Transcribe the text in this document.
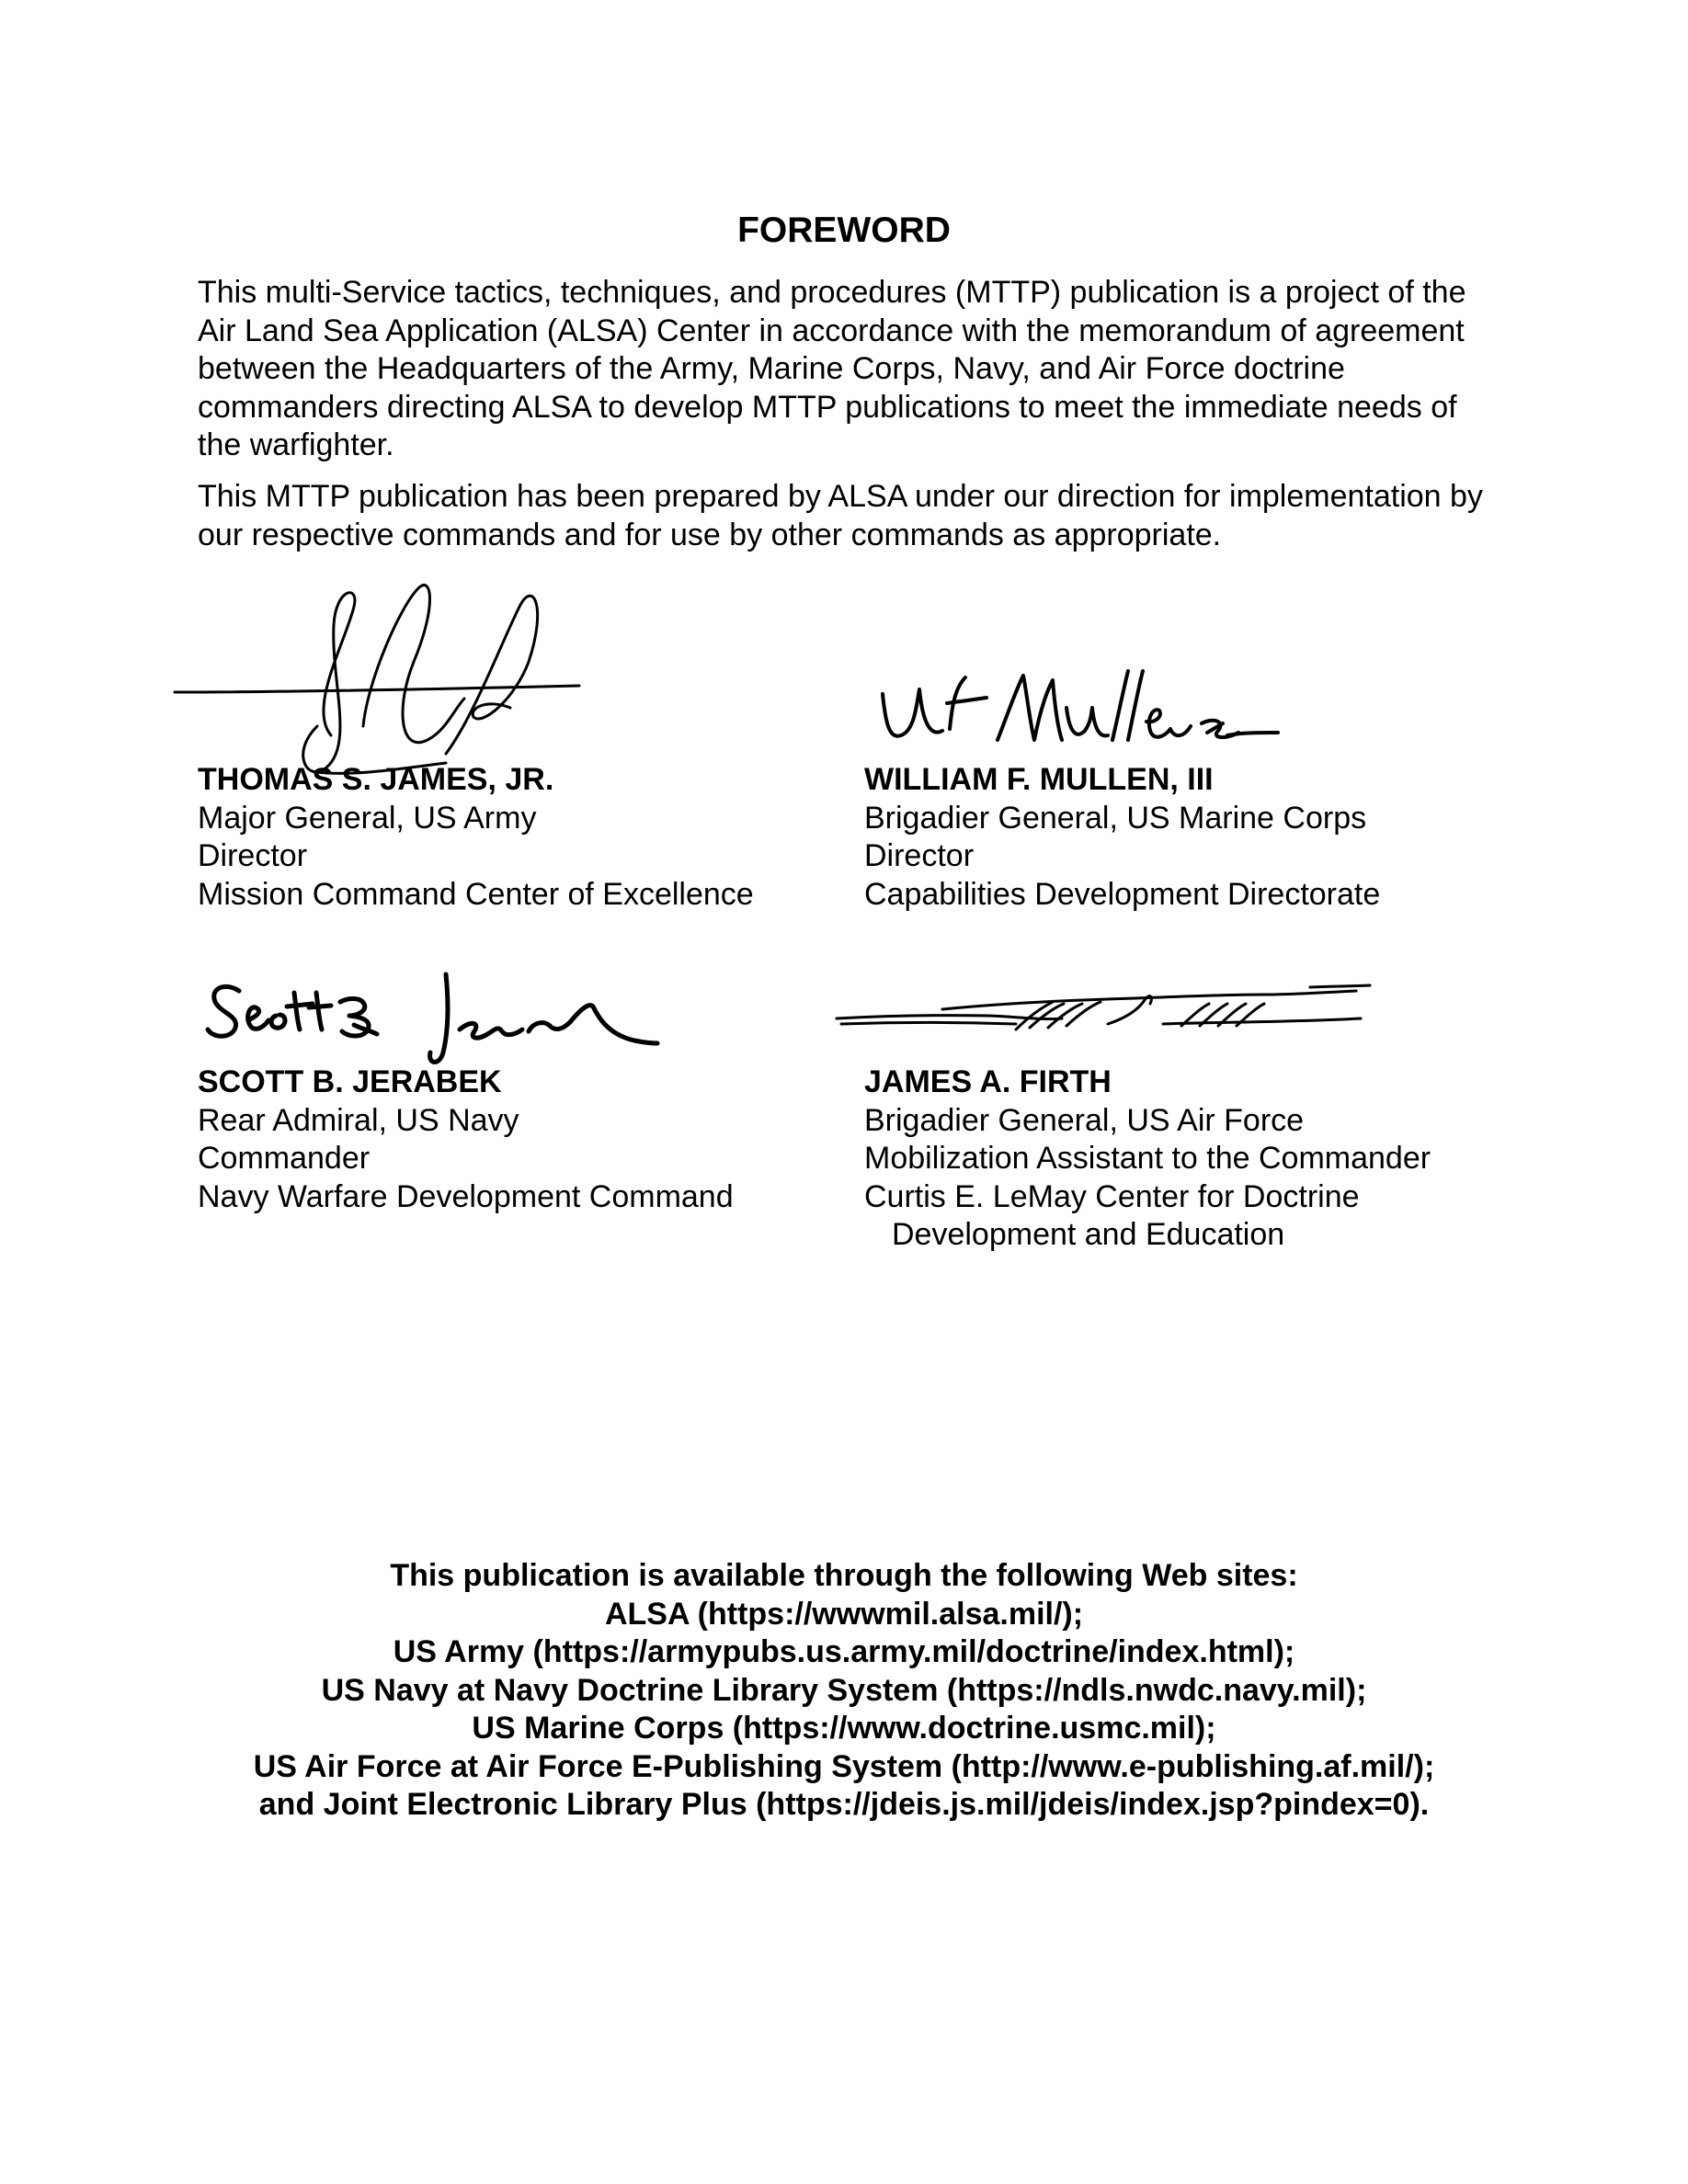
FOREWORD
This multi-Service tactics, techniques, and procedures (MTTP) publication is a project of the Air Land Sea Application (ALSA) Center in accordance with the memorandum of agreement between the Headquarters of the Army, Marine Corps, Navy, and Air Force doctrine commanders directing ALSA to develop MTTP publications to meet the immediate needs of the warfighter.
This MTTP publication has been prepared by ALSA under our direction for implementation by our respective commands and for use by other commands as appropriate.
THOMAS S. JAMES, JR.
Major General, US Army
Director
Mission Command Center of Excellence
WILLIAM F. MULLEN, III
Brigadier General, US Marine Corps
Director
Capabilities Development Directorate
SCOTT B. JERABEK
Rear Admiral, US Navy
Commander
Navy Warfare Development Command
JAMES A. FIRTH
Brigadier General, US Air Force
Mobilization Assistant to the Commander
Curtis E. LeMay Center for Doctrine
Development and Education
This publication is available through the following Web sites:
ALSA (https://wwwmil.alsa.mil/);
US Army (https://armypubs.us.army.mil/doctrine/index.html);
US Navy at Navy Doctrine Library System (https://ndls.nwdc.navy.mil);
US Marine Corps (https://www.doctrine.usmc.mil);
US Air Force at Air Force E-Publishing System (http://www.e-publishing.af.mil/);
and Joint Electronic Library Plus (https://jdeis.js.mil/jdeis/index.jsp?pindex=0).
